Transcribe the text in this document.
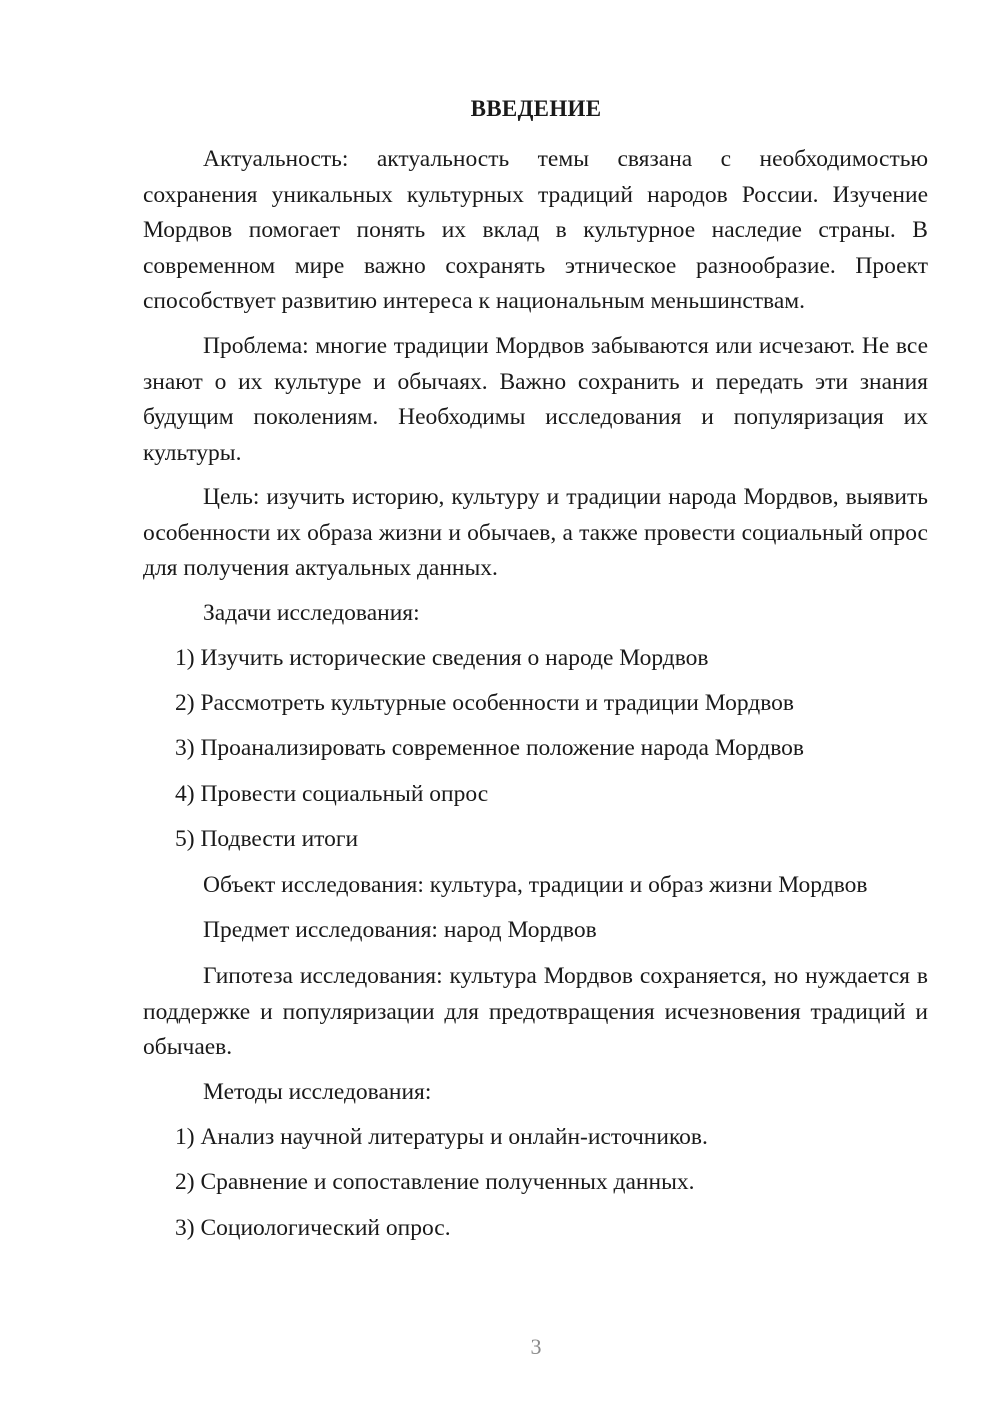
ВВЕДЕНИЕ

Актуальность: актуальность темы связана с необходимостью сохранения уникальных культурных традиций народов России. Изучение Мордвов помогает понять их вклад в культурное наследие страны. В современном мире важно сохранять этническое разнообразие. Проект способствует развитию интереса к национальным меньшинствам.

Проблема: многие традиции Мордвов забываются или исчезают. Не все знают о их культуре и обычаях. Важно сохранить и передать эти знания будущим поколениям. Необходимы исследования и популяризация их культуры.

Цель: изучить историю, культуру и традиции народа Мордвов, выявить особенности их образа жизни и обычаев, а также провести социальный опрос для получения актуальных данных.

Задачи исследования:

1) Изучить исторические сведения о народе Мордвов

2) Рассмотреть культурные особенности и традиции Мордвов

3) Проанализировать современное положение народа Мордвов

4) Провести социальный опрос

5) Подвести итоги

Объект исследования: культура, традиции и образ жизни Мордвов

Предмет исследования: народ Мордвов

Гипотеза исследования: культура Мордвов сохраняется, но нуждается в поддержке и популяризации для предотвращения исчезновения традиций и обычаев.

Методы исследования:

1) Анализ научной литературы и онлайн-источников.

2) Сравнение и сопоставление полученных данных.

3) Социологический опрос.

3
